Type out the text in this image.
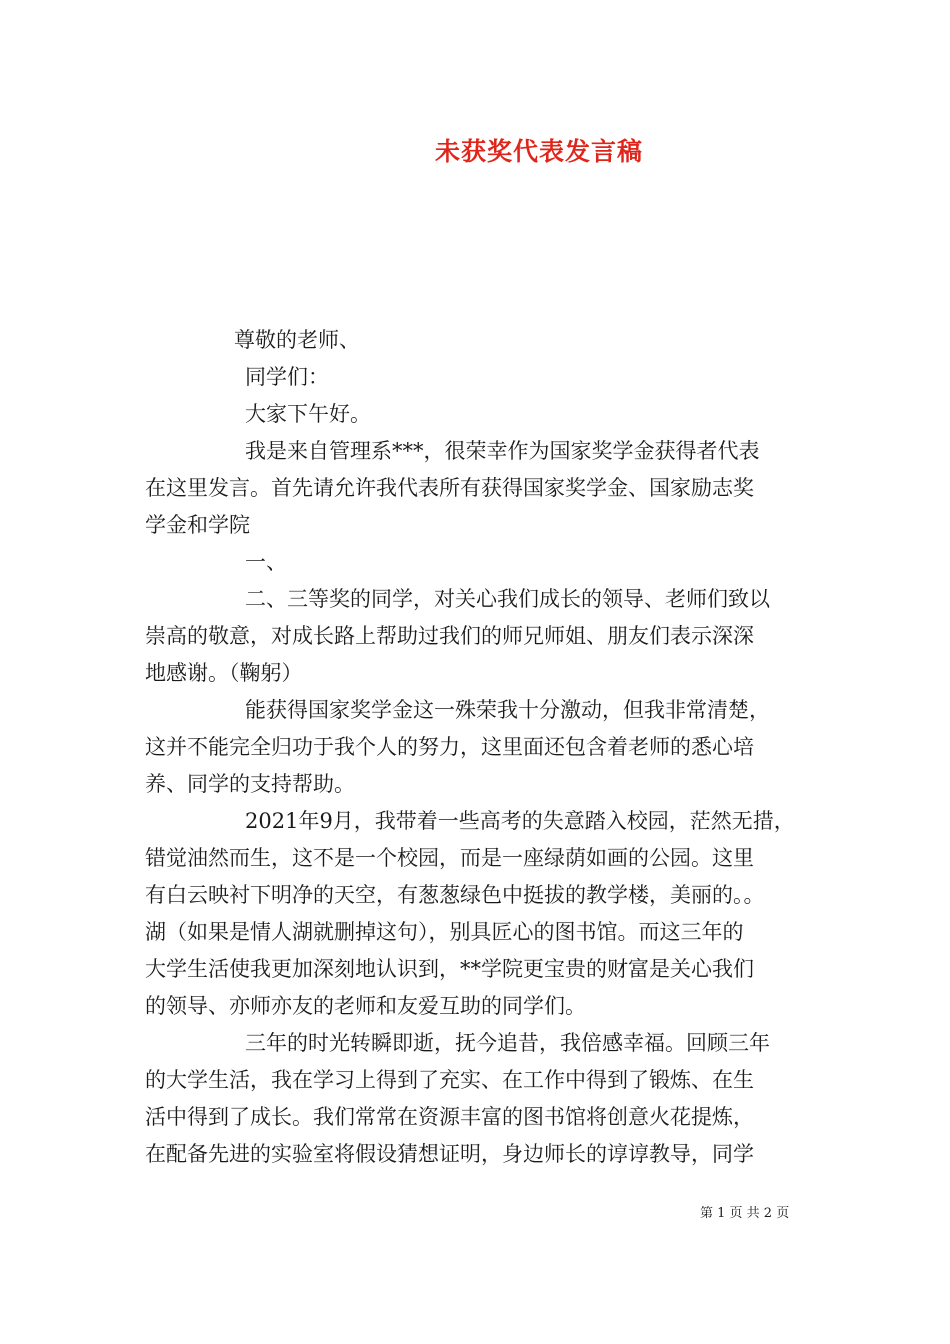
未获奖代表发言稿
尊敬的老师、
同学们：
大家下午好。
我是来自管理系***，很荣幸作为国家奖学金获得者代表
在这里发言。首先请允许我代表所有获得国家奖学金、国家励志奖
学金和学院
一、
二、三等奖的同学，对关心我们成长的领导、老师们致以
崇高的敬意，对成长路上帮助过我们的师兄师姐、朋友们表示深深
地感谢。（鞠躬）
能获得国家奖学金这一殊荣我十分激动，但我非常清楚，
这并不能完全归功于我个人的努力，这里面还包含着老师的悉心培
养、同学的支持帮助。
2021年9月，我带着一些高考的失意踏入校园，茫然无措，
错觉油然而生，这不是一个校园，而是一座绿荫如画的公园。这里
有白云映衬下明净的天空，有葱葱绿色中挺拔的教学楼，美丽的。。
湖（如果是情人湖就删掉这句），别具匠心的图书馆。而这三年的
大学生活使我更加深刻地认识到，**学院更宝贵的财富是关心我们
的领导、亦师亦友的老师和友爱互助的同学们。
三年的时光转瞬即逝，抚今追昔，我倍感幸福。回顾三年
的大学生活，我在学习上得到了充实、在工作中得到了锻炼、在生
活中得到了成长。我们常常在资源丰富的图书馆将创意火花提炼，
在配备先进的实验室将假设猜想证明，身边师长的谆谆教导，同学
第 1 页 共 2 页
